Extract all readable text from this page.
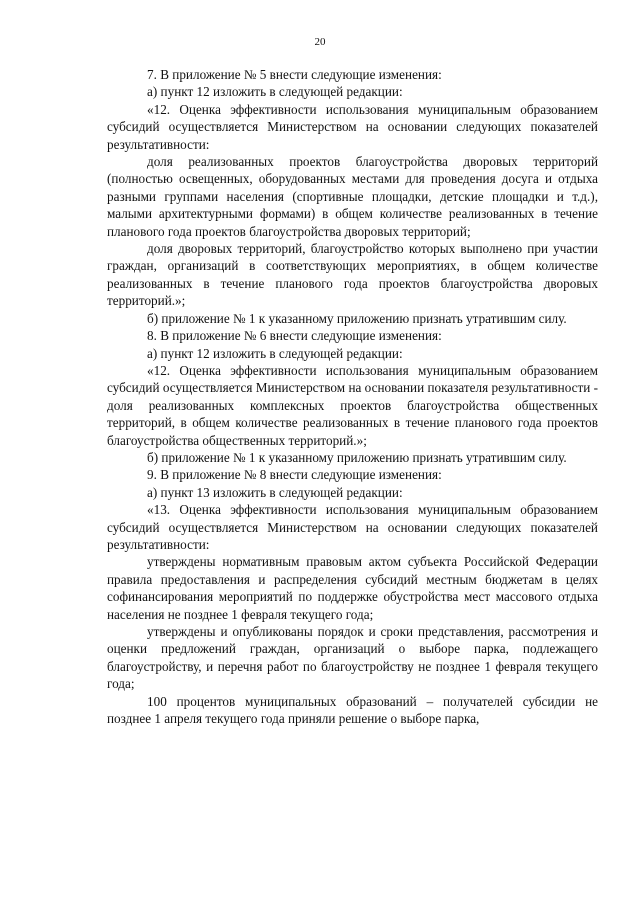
20

7. В приложение № 5 внести следующие изменения:

а) пункт 12 изложить в следующей редакции:

«12. Оценка эффективности использования муниципальным образованием субсидий осуществляется Министерством на основании следующих показателей результативности:

доля реализованных проектов благоустройства дворовых территорий (полностью освещенных, оборудованных местами для проведения досуга и отдыха разными группами населения (спортивные площадки, детские площадки и т.д.), малыми архитектурными формами) в общем количестве реализованных в течение планового года проектов благоустройства дворовых территорий;

доля дворовых территорий, благоустройство которых выполнено при участии граждан, организаций в соответствующих мероприятиях, в общем количестве реализованных в течение планового года проектов благоустройства дворовых территорий.»;

б) приложение № 1 к указанному приложению признать утратившим силу.

8. В приложение № 6 внести следующие изменения:

а) пункт 12 изложить в следующей редакции:

«12. Оценка эффективности использования муниципальным образованием субсидий осуществляется Министерством на основании показателя результативности - доля реализованных комплексных проектов благоустройства общественных территорий, в общем количестве реализованных в течение планового года проектов благоустройства общественных территорий.»;

б) приложение № 1 к указанному приложению признать утратившим силу.

9. В приложение № 8 внести следующие изменения:

а) пункт 13 изложить в следующей редакции:

«13. Оценка эффективности использования муниципальным образованием субсидий осуществляется Министерством на основании следующих показателей результативности:

утверждены нормативным правовым актом субъекта Российской Федерации правила предоставления и распределения субсидий местным бюджетам в целях софинансирования мероприятий по поддержке обустройства мест массового отдыха населения не позднее 1 февраля текущего года;

утверждены и опубликованы порядок и сроки представления, рассмотрения и оценки предложений граждан, организаций о выборе парка, подлежащего благоустройству, и перечня работ по благоустройству не позднее 1 февраля текущего года;

100 процентов муниципальных образований – получателей субсидии не позднее 1 апреля текущего года приняли решение о выборе парка,
